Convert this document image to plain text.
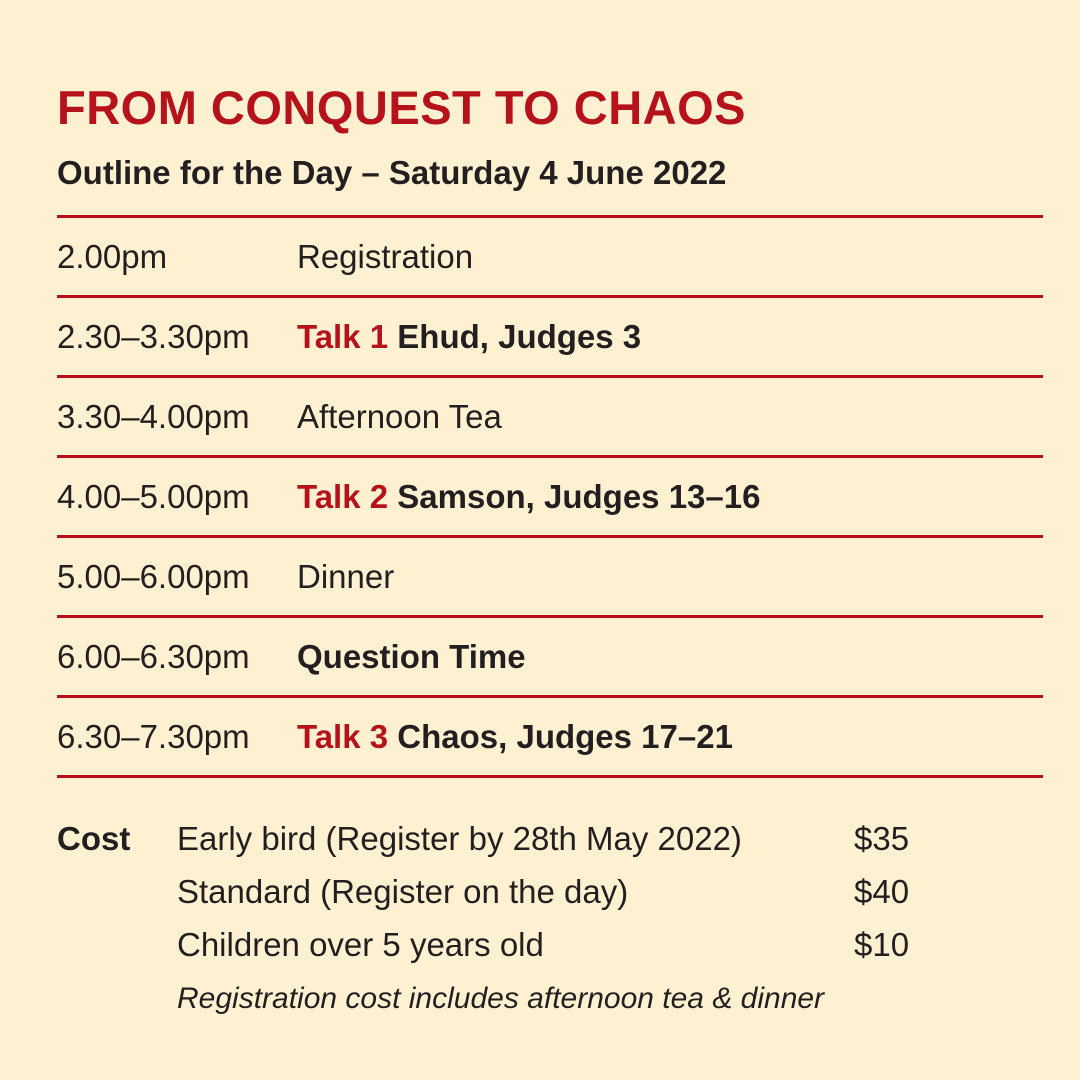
FROM CONQUEST TO CHAOS
Outline for the Day – Saturday 4 June 2022
2.00pm	Registration
2.30–3.30pm	Talk 1 Ehud, Judges 3
3.30–4.00pm	Afternoon Tea
4.00–5.00pm	Talk 2 Samson, Judges 13–16
5.00–6.00pm	Dinner
6.00–6.30pm	Question Time
6.30–7.30pm	Talk 3 Chaos, Judges 17–21
Cost Early bird (Register by 28th May 2022)	$35
Standard (Register on the day)	$40
Children over 5 years old	$10
Registration cost includes afternoon tea & dinner
